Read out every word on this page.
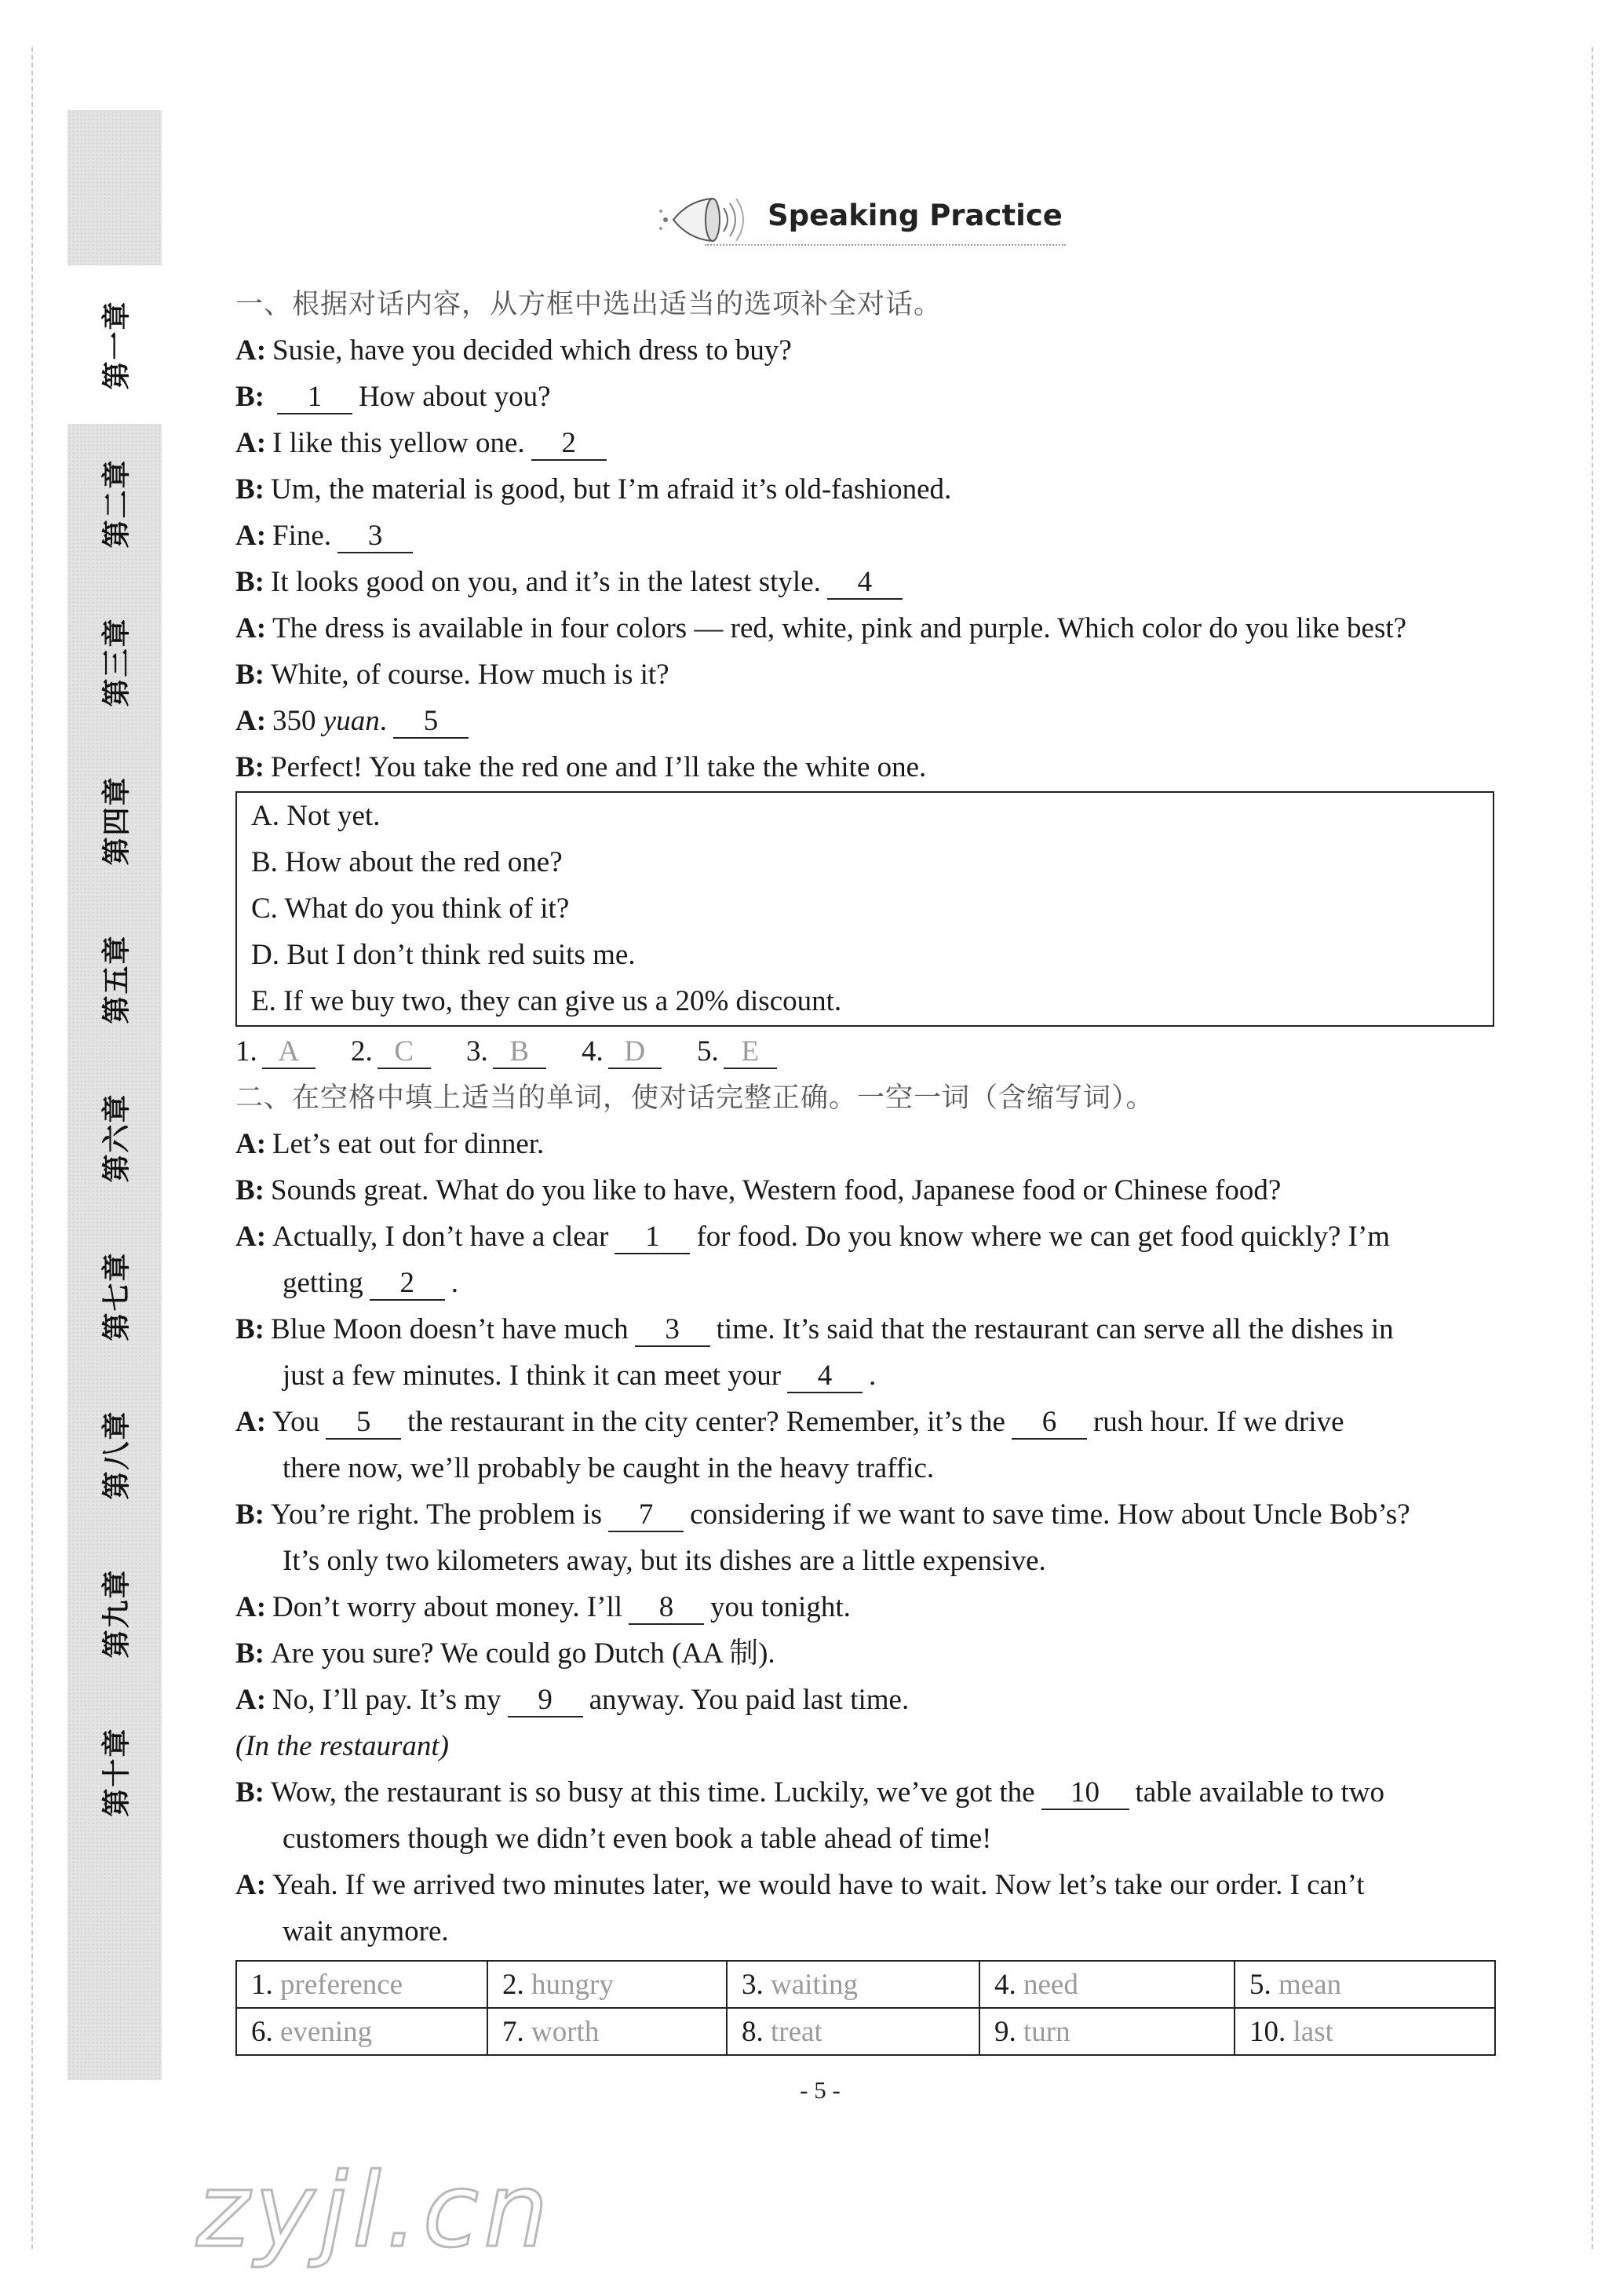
第一章
第二章
第三章
第四章
第五章
第六章
第七章
第八章
第九章
第十章
Speaking Practice
一、根据对话内容，从方框中选出适当的选项补全对话。
A: Susie, have you decided which dress to buy?
B: 1 How about you?
A: I like this yellow one. 2
B: Um, the material is good, but I’m afraid it’s old-fashioned.
A: Fine. 3
B: It looks good on you, and it’s in the latest style. 4
A: The dress is available in four colors — red, white, pink and purple. Which color do you like best?
B: White, of course. How much is it?
A: 350 yuan. 5
B: Perfect! You take the red one and I’ll take the white one.
A. Not yet.
B. How about the red one?
C. What do you think of it?
D. But I don’t think red suits me.
E. If we buy two, they can give us a 20% discount.
1. A 2. C 3. B 4. D 5. E
二、在空格中填上适当的单词，使对话完整正确。一空一词（含缩写词）。
A: Let’s eat out for dinner.
B: Sounds great. What do you like to have, Western food, Japanese food or Chinese food?
A: Actually, I don’t have a clear 1 for food. Do you know where we can get food quickly? I’m
getting 2 .
B: Blue Moon doesn’t have much 3 time. It’s said that the restaurant can serve all the dishes in
just a few minutes. I think it can meet your 4 .
A: You 5 the restaurant in the city center? Remember, it’s the 6 rush hour. If we drive
there now, we’ll probably be caught in the heavy traffic.
B: You’re right. The problem is 7 considering if we want to save time. How about Uncle Bob’s?
It’s only two kilometers away, but its dishes are a little expensive.
A: Don’t worry about money. I’ll 8 you tonight.
B: Are you sure? We could go Dutch (AA 制).
A: No, I’ll pay. It’s my 9 anyway. You paid last time.
(In the restaurant)
B: Wow, the restaurant is so busy at this time. Luckily, we’ve got the 10 table available to two
customers though we didn’t even book a table ahead of time!
A: Yeah. If we arrived two minutes later, we would have to wait. Now let’s take our order. I can’t
wait anymore.
1. preference	2. hungry	3. waiting	4. need	5. mean
6. evening	7. worth	8. treat	9. turn	10. last
- 5 -
zyjl.cn
